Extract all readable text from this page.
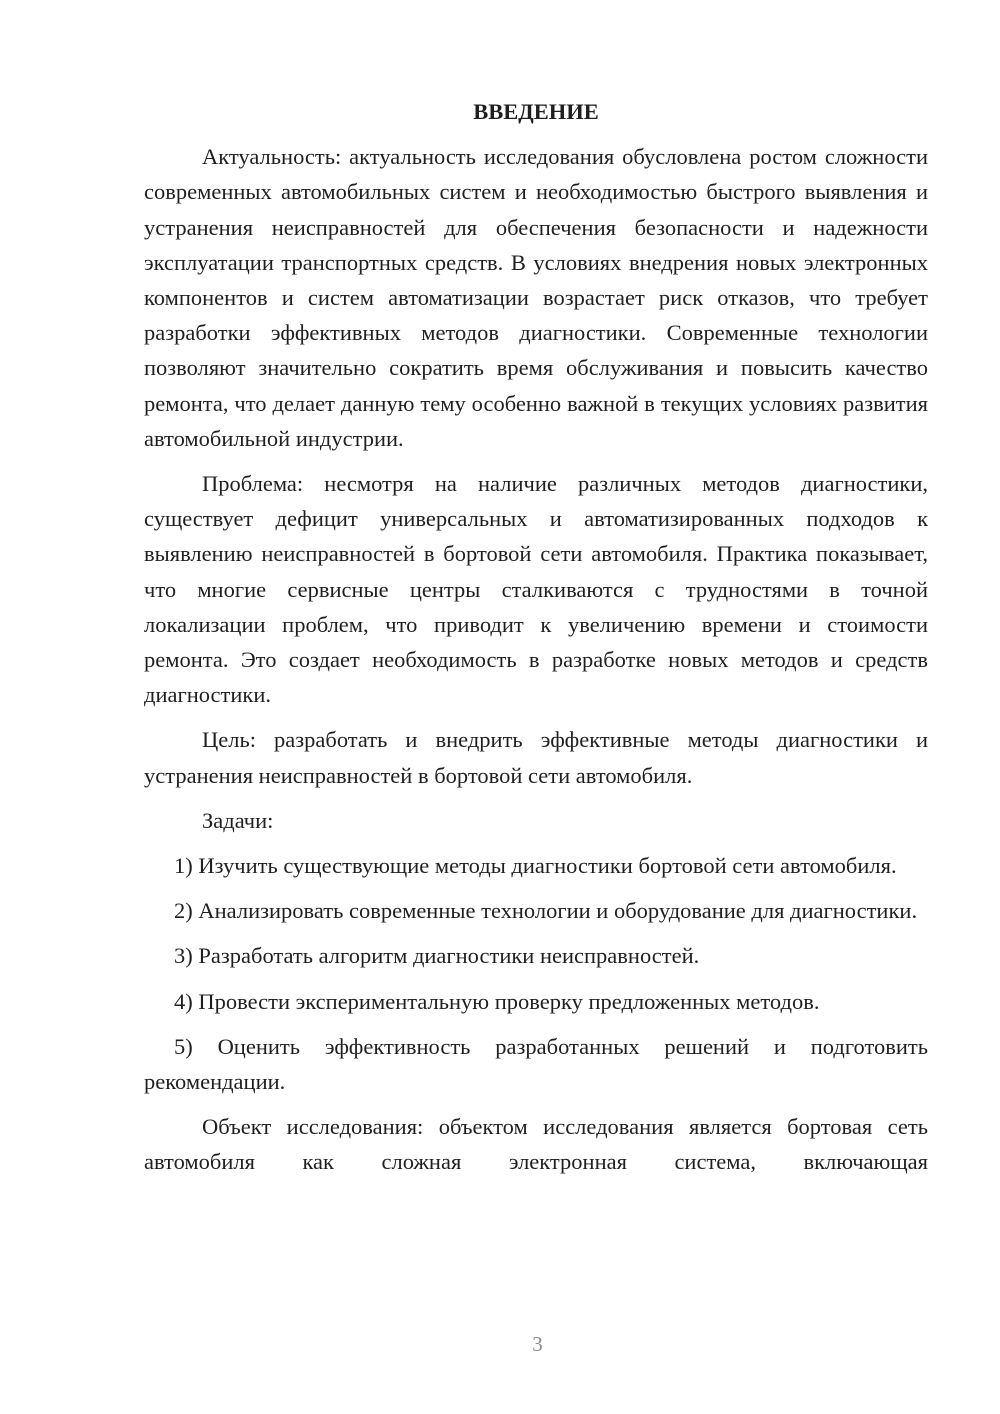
ВВЕДЕНИЕ

Актуальность: актуальность исследования обусловлена ростом сложности современных автомобильных систем и необходимостью быстрого выявления и устранения неисправностей для обеспечения безопасности и надежности эксплуатации транспортных средств. В условиях внедрения новых электронных компонентов и систем автоматизации возрастает риск отказов, что требует разработки эффективных методов диагностики. Современные технологии позволяют значительно сократить время обслуживания и повысить качество ремонта, что делает данную тему особенно важной в текущих условиях развития автомобильной индустрии.

Проблема: несмотря на наличие различных методов диагностики, существует дефицит универсальных и автоматизированных подходов к выявлению неисправностей в бортовой сети автомобиля. Практика показывает, что многие сервисные центры сталкиваются с трудностями в точной локализации проблем, что приводит к увеличению времени и стоимости ремонта. Это создает необходимость в разработке новых методов и средств диагностики.

Цель: разработать и внедрить эффективные методы диагностики и устранения неисправностей в бортовой сети автомобиля.

Задачи:

1) Изучить существующие методы диагностики бортовой сети автомобиля.

2) Анализировать современные технологии и оборудование для диагностики.

3) Разработать алгоритм диагностики неисправностей.

4) Провести экспериментальную проверку предложенных методов.

5) Оценить эффективность разработанных решений и подготовить рекомендации.

Объект исследования: объектом исследования является бортовая сеть автомобиля как сложная электронная система, включающая

3
